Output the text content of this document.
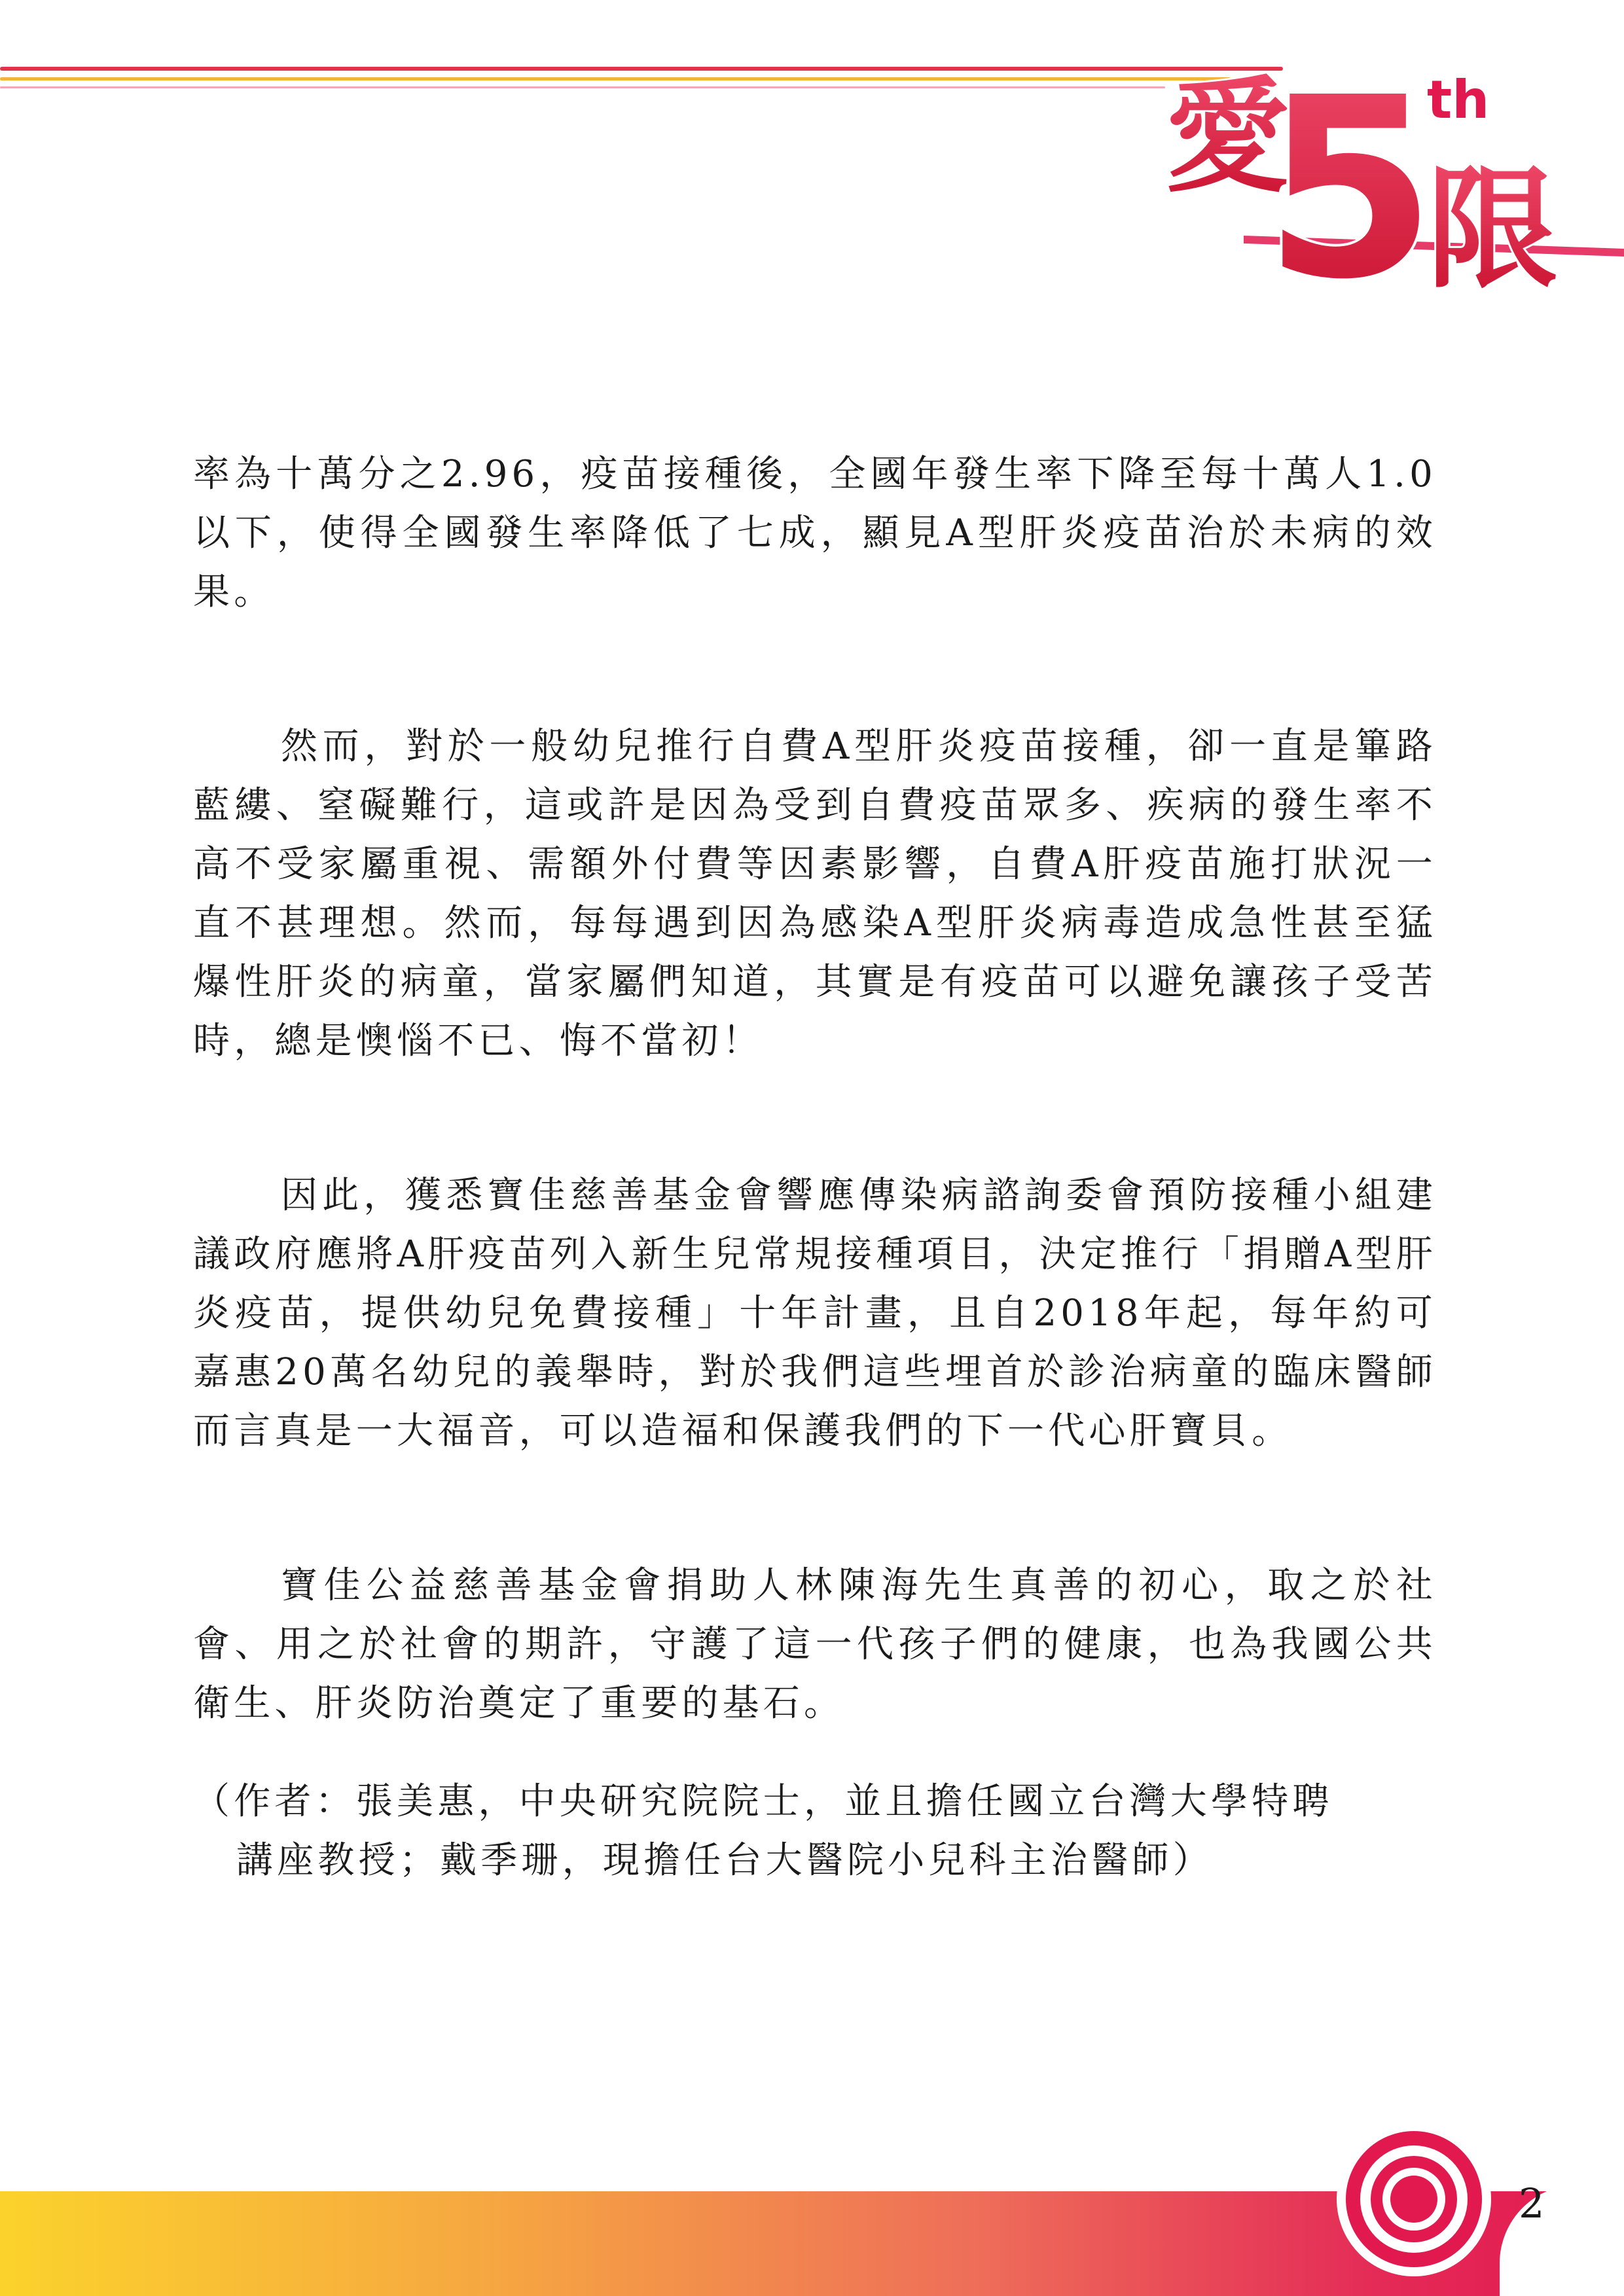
愛
5
th
限

率為十萬分之2.96，疫苗接種後，全國年發生率下降至每十萬人1.0以下，使得全國發生率降低了七成，顯見A型肝炎疫苗治於未病的效果。

然而，對於一般幼兒推行自費A型肝炎疫苗接種，卻一直是篳路藍縷、窒礙難行，這或許是因為受到自費疫苗眾多、疾病的發生率不高不受家屬重視、需額外付費等因素影響，自費A肝疫苗施打狀況一直不甚理想。然而，每每遇到因為感染A型肝炎病毒造成急性甚至猛爆性肝炎的病童，當家屬們知道，其實是有疫苗可以避免讓孩子受苦時，總是懊惱不已、悔不當初！

因此，獲悉寶佳慈善基金會響應傳染病諮詢委會預防接種小組建議政府應將A肝疫苗列入新生兒常規接種項目，決定推行「捐贈A型肝炎疫苗，提供幼兒免費接種」十年計畫，且自2018年起，每年約可嘉惠20萬名幼兒的義舉時，對於我們這些埋首於診治病童的臨床醫師而言真是一大福音，可以造福和保護我們的下一代心肝寶貝。

寶佳公益慈善基金會捐助人林陳海先生真善的初心，取之於社會、用之於社會的期許，守護了這一代孩子們的健康，也為我國公共衛生、肝炎防治奠定了重要的基石。

（作者：張美惠，中央研究院院士，並且擔任國立台灣大學特聘
講座教授；戴季珊，現擔任台大醫院小兒科主治醫師）

2
